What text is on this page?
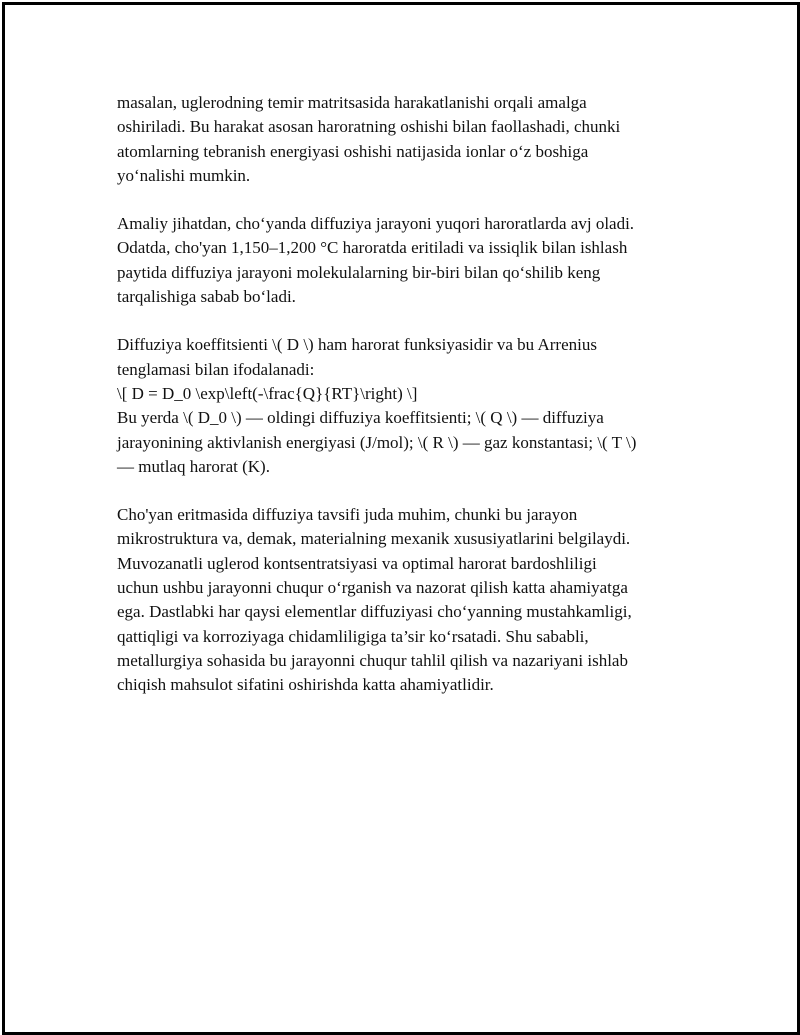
masalan, uglerodning temir matritsasida harakatlanishi orqali amalga
oshiriladi. Bu harakat asosan haroratning oshishi bilan faollashadi, chunki
atomlarning tebranish energiyasi oshishi natijasida ionlar o‘z boshiga
yo‘nalishi mumkin.

Amaliy jihatdan, cho‘yanda diffuziya jarayoni yuqori haroratlarda avj oladi.
Odatda, cho'yan 1,150–1,200 °C haroratda eritiladi va issiqlik bilan ishlash
paytida diffuziya jarayoni molekulalarning bir-biri bilan qo‘shilib keng
tarqalishiga sabab bo‘ladi.

Diffuziya koeffitsienti \( D \) ham harorat funksiyasidir va bu Arrenius
tenglamasi bilan ifodalanadi:
\[ D = D_0 \exp\left(-\frac{Q}{RT}\right) \]
Bu yerda \( D_0 \) — oldingi diffuziya koeffitsienti; \( Q \) — diffuziya
jarayonining aktivlanish energiyasi (J/mol); \( R \) — gaz konstantasi; \( T \)
— mutlaq harorat (K).

Cho'yan eritmasida diffuziya tavsifi juda muhim, chunki bu jarayon
mikrostruktura va, demak, materialning mexanik xususiyatlarini belgilaydi.
Muvozanatli uglerod kontsentratsiyasi va optimal harorat bardoshliligi
uchun ushbu jarayonni chuqur o‘rganish va nazorat qilish katta ahamiyatga
ega. Dastlabki har qaysi elementlar diffuziyasi cho‘yanning mustahkamligi,
qattiqligi va korroziyaga chidamliligiga ta’sir ko‘rsatadi. Shu sababli,
metallurgiya sohasida bu jarayonni chuqur tahlil qilish va nazariyani ishlab
chiqish mahsulot sifatini oshirishda katta ahamiyatlidir.
